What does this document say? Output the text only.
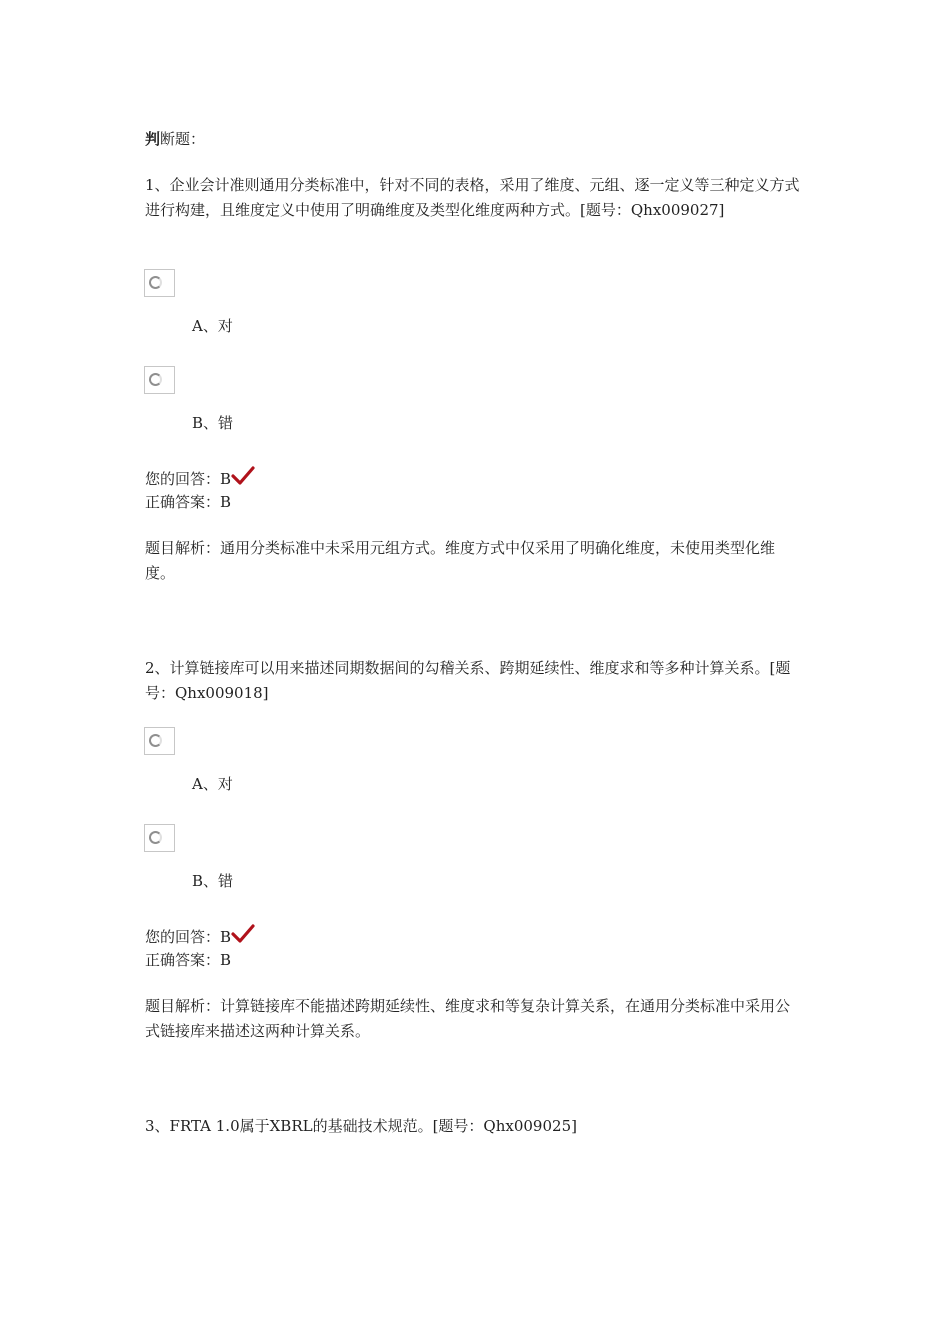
判断题：

1、企业会计准则通用分类标准中，针对不同的表格，采用了维度、元组、逐一定义等三种定义方式进行构建，且维度定义中使用了明确维度及类型化维度两种方式。[题号：Qhx009027]

A、对
B、错
您的回答：B
正确答案：B

题目解析：通用分类标准中未采用元组方式。维度方式中仅采用了明确化维度，未使用类型化维度。

2、计算链接库可以用来描述同期数据间的勾稽关系、跨期延续性、维度求和等多种计算关系。[题号：Qhx009018]

A、对
B、错
您的回答：B
正确答案：B

题目解析：计算链接库不能描述跨期延续性、维度求和等复杂计算关系，在通用分类标准中采用公式链接库来描述这两种计算关系。

3、FRTA 1.0属于XBRL的基础技术规范。[题号：Qhx009025]
